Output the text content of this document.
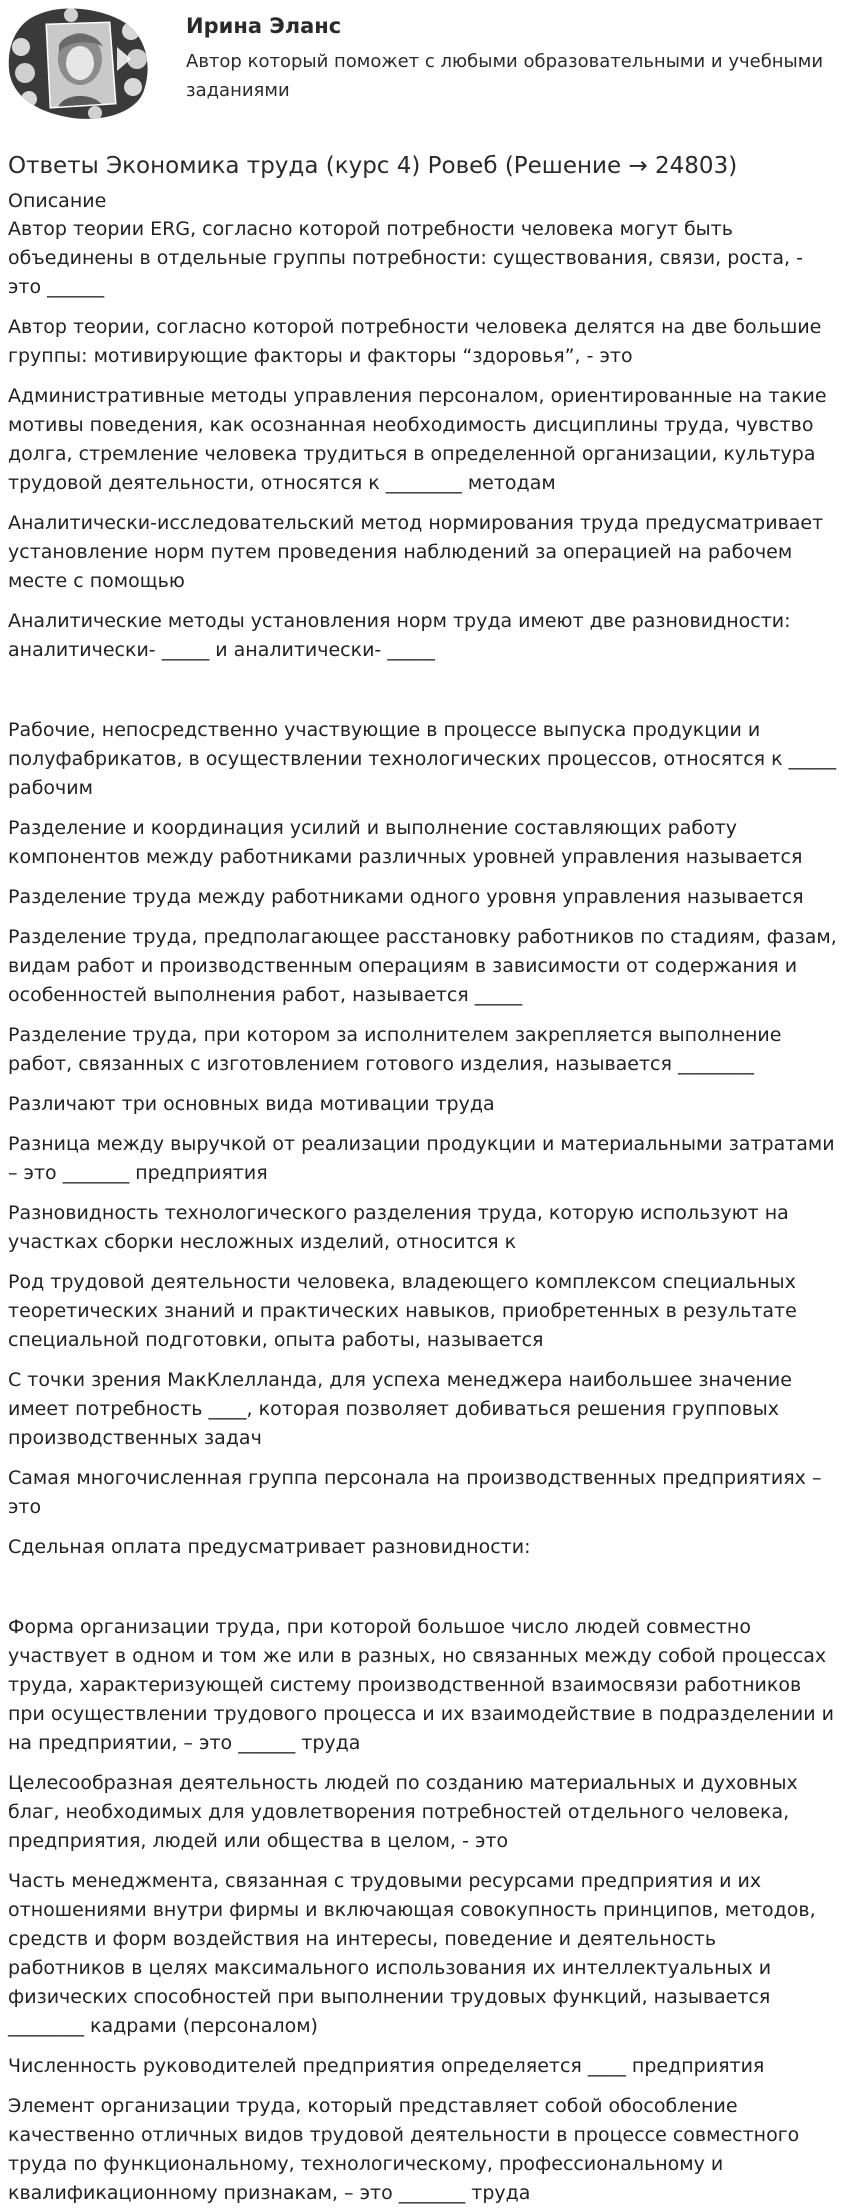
Ирина Эланс
Автор который поможет с любыми образовательными и учебными заданиями
Ответы Экономика труда (курс 4) Ровеб (Решение → 24803)
Описание

Автор теории ERG, согласно которой потребности человека могут быть объединены в отдельные группы потребности: существования, связи, роста, - это ______

Автор теории, согласно которой потребности человека делятся на две большие группы: мотивирующие факторы и факторы “здоровья”, - это

Административные методы управления персоналом, ориентированные на такие мотивы поведения, как осознанная необходимость дисциплины труда, чувство долга, стремление человека трудиться в определенной организации, культура трудовой деятельности, относятся к ________ методам

Аналитически-исследовательский метод нормирования труда предусматривает установление норм путем проведения наблюдений за операцией на рабочем месте с помощью

Аналитические методы установления норм труда имеют две разновидности: аналитически- _____ и аналитически- _____

Рабочие, непосредственно участвующие в процессе выпуска продукции и полуфабрикатов, в осуществлении технологических процессов, относятся к _____ рабочим

Разделение и координация усилий и выполнение составляющих работу компонентов между работниками различных уровней управления называется

Разделение труда между работниками одного уровня управления называется

Разделение труда, предполагающее расстановку работников по стадиям, фазам, видам работ и производственным операциям в зависимости от содержания и особенностей выполнения работ, называется _____

Разделение труда, при котором за исполнителем закрепляется выполнение работ, связанных с изготовлением готового изделия, называется ________

Различают три основных вида мотивации труда

Разница между выручкой от реализации продукции и материальными затратами – это _______ предприятия

Разновидность технологического разделения труда, которую используют на участках сборки несложных изделий, относится к

Род трудовой деятельности человека, владеющего комплексом специальных теоретических знаний и практических навыков, приобретенных в результате специальной подготовки, опыта работы, называется

С точки зрения МакКлелланда, для успеха менеджера наибольшее значение имеет потребность ____, которая позволяет добиваться решения групповых производственных задач

Самая многочисленная группа персонала на производственных предприятиях – это

Сдельная оплата предусматривает разновидности:

Форма организации труда, при которой большое число людей совместно участвует в одном и том же или в разных, но связанных между собой процессах труда, характеризующей систему производственной взаимосвязи работников при осуществлении трудового процесса и их взаимодействие в подразделении и на предприятии, – это ______ труда

Целесообразная деятельность людей по созданию материальных и духовных благ, необходимых для удовлетворения потребностей отдельного человека, предприятия, людей или общества в целом, - это

Часть менеджмента, связанная с трудовыми ресурсами предприятия и их отношениями внутри фирмы и включающая совокупность принципов, методов, средств и форм воздействия на интересы, поведение и деятельность работников в целях максимального использования их интеллектуальных и физических способностей при выполнении трудовых функций, называется ________ кадрами (персоналом)

Численность руководителей предприятия определяется ____ предприятия

Элемент организации труда, который представляет собой обособление качественно отличных видов трудовой деятельности в процессе совместного труда по функциональному, технологическому, профессиональному и квалификационному признакам, – это _______ труда
